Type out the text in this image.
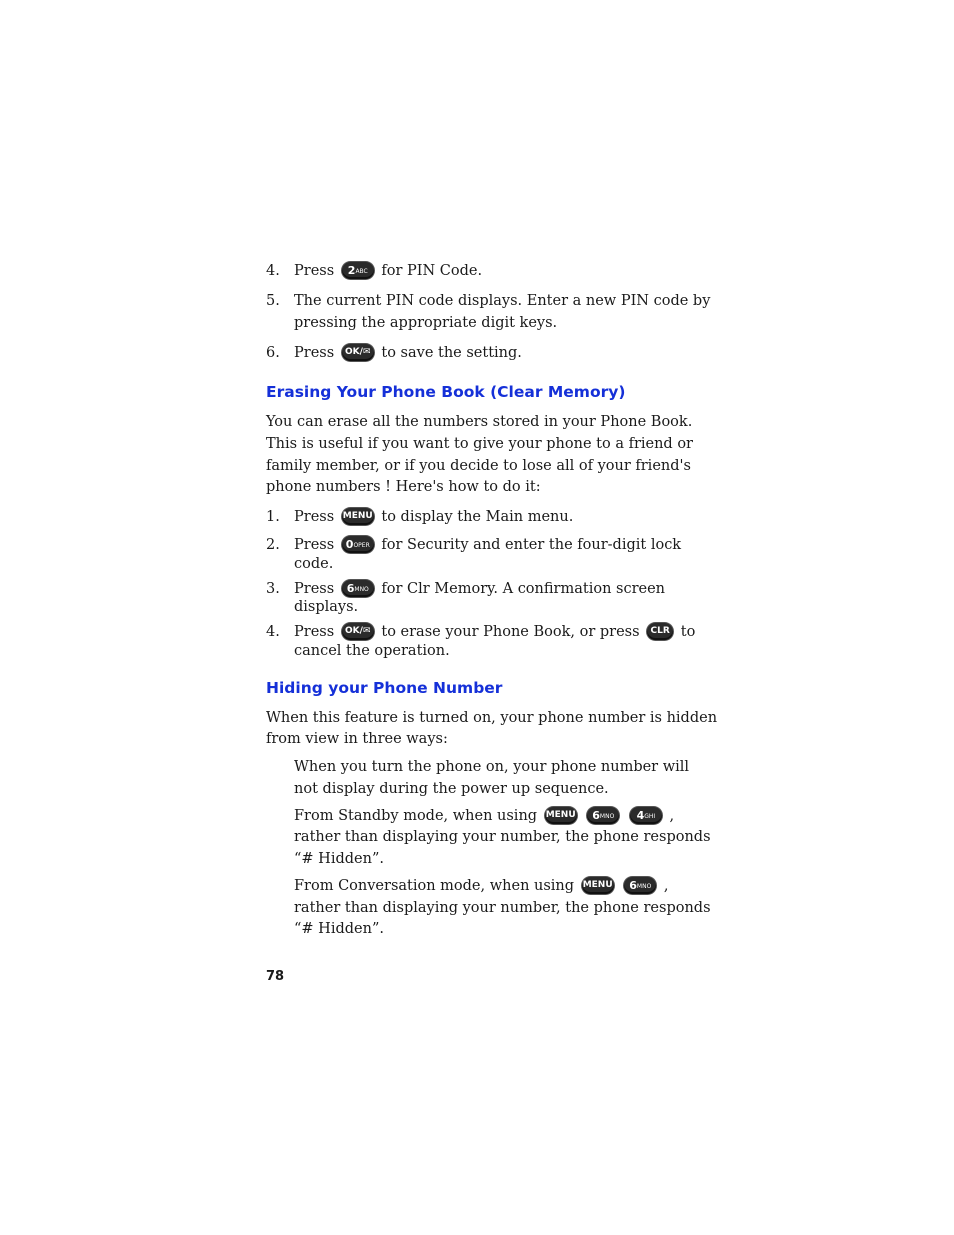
4. Press 2ABC for PIN Code.
5. The current PIN code displays. Enter a new PIN code by
pressing the appropriate digit keys.
6. Press OK/✉ to save the setting.
Erasing Your Phone Book (Clear Memory)
You can erase all the numbers stored in your Phone Book.
This is useful if you want to give your phone to a friend or
family member, or if you decide to lose all of your friend's
phone numbers ! Here's how to do it:
1. Press MENU to display the Main menu.
2. Press 0OPER for Security and enter the four-digit lock
code.
3. Press 6MNO for Clr Memory. A confirmation screen
displays.
4. Press OK/✉ to erase your Phone Book, or press CLR to
cancel the operation.
Hiding your Phone Number
When this feature is turned on, your phone number is hidden
from view in three ways:
When you turn the phone on, your phone number will
not display during the power up sequence.
From Standby mode, when using MENU 6MNO 4GHI ,
rather than displaying your number, the phone responds
“# Hidden”.
From Conversation mode, when using MENU 6MNO ,
rather than displaying your number, the phone responds
“# Hidden”.
78
